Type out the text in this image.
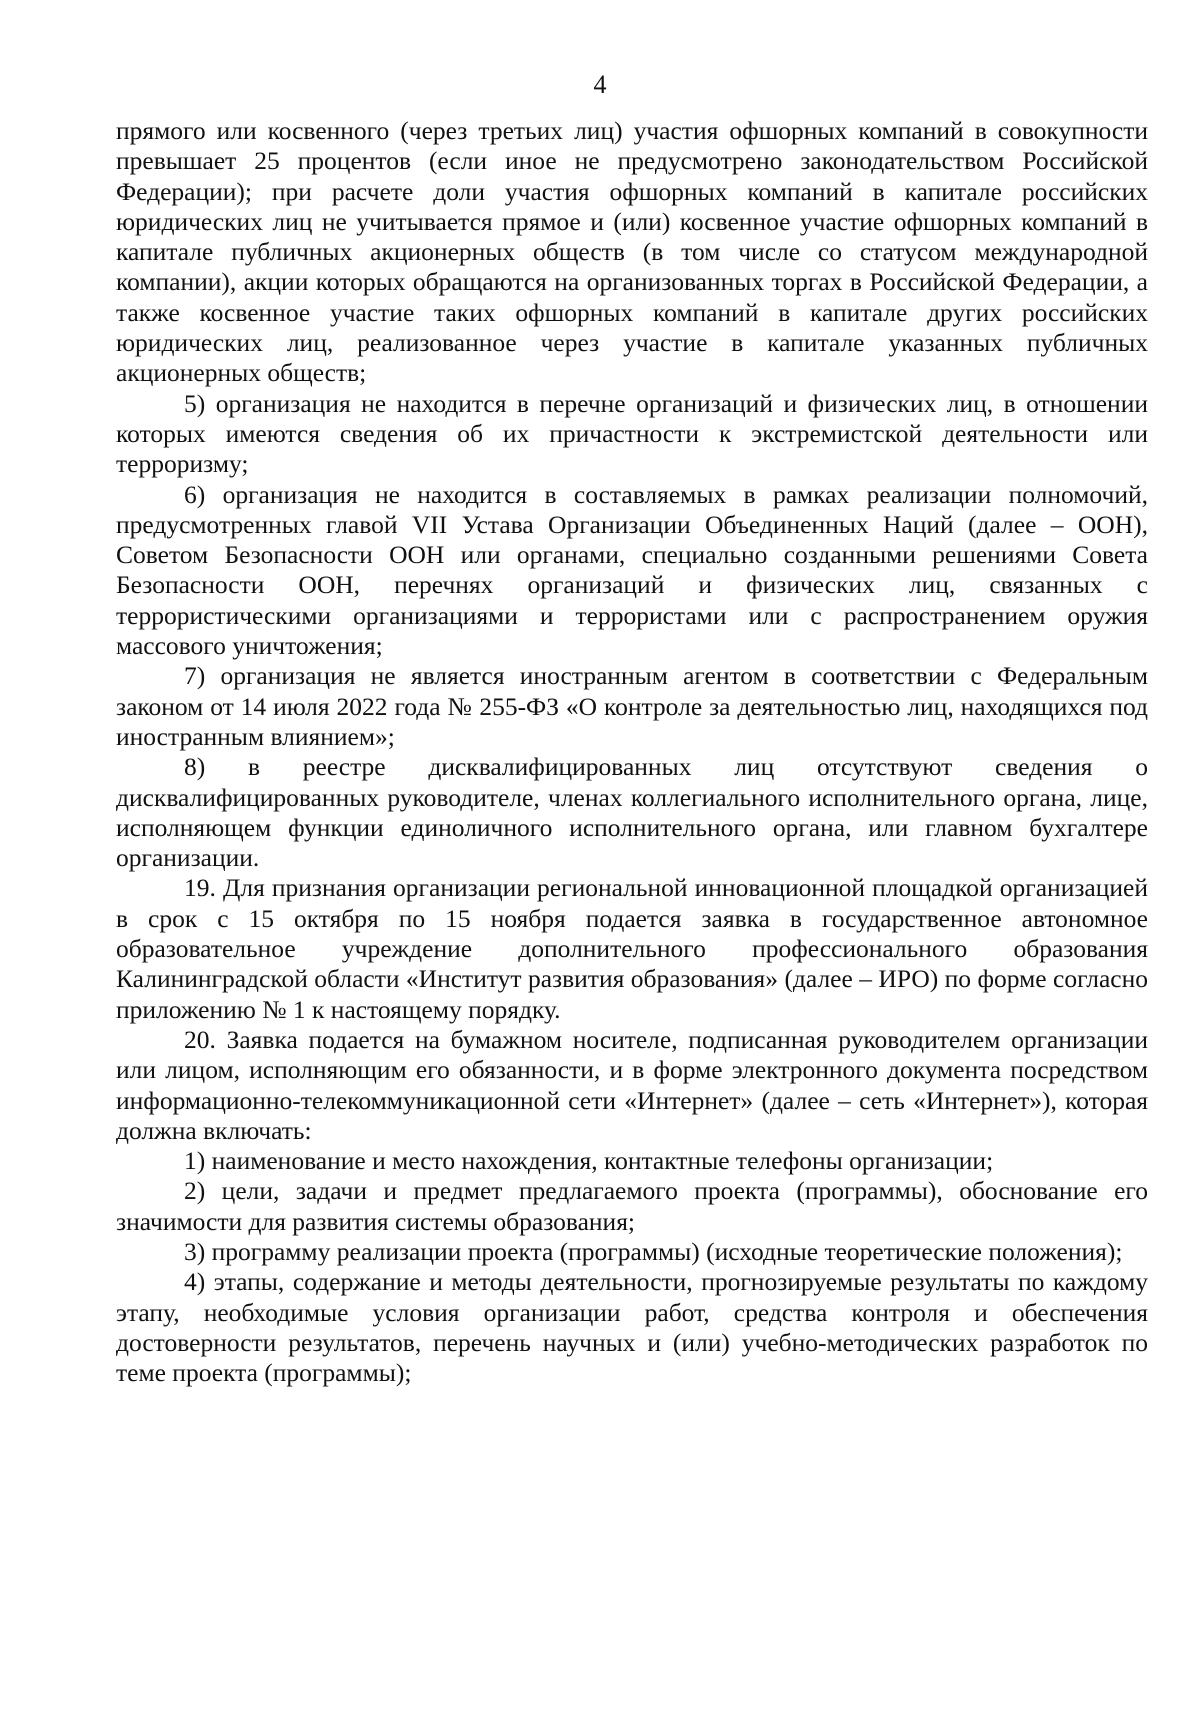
4

прямого или косвенного (через третьих лиц) участия офшорных компаний в совокупности превышает 25 процентов (если иное не предусмотрено законодательством Российской Федерации); при расчете доли участия офшорных компаний в капитале российских юридических лиц не учитывается прямое и (или) косвенное участие офшорных компаний в капитале публичных акционерных обществ (в том числе со статусом международной компании), акции которых обращаются на организованных торгах в Российской Федерации, а также косвенное участие таких офшорных компаний в капитале других российских юридических лиц, реализованное через участие в капитале указанных публичных акционерных обществ;

5) организация не находится в перечне организаций и физических лиц, в отношении которых имеются сведения об их причастности к экстремистской деятельности или терроризму;

6) организация не находится в составляемых в рамках реализации полномочий, предусмотренных главой VII Устава Организации Объединенных Наций (далее – ООН), Советом Безопасности ООН или органами, специально созданными решениями Совета Безопасности ООН, перечнях организаций и физических лиц, связанных с террористическими организациями и террористами или с распространением оружия массового уничтожения;

7) организация не является иностранным агентом в соответствии с Федеральным законом от 14 июля 2022 года № 255-ФЗ «О контроле за деятельностью лиц, находящихся под иностранным влиянием»;

8) в реестре дисквалифицированных лиц отсутствуют сведения о дисквалифицированных руководителе, членах коллегиального исполнительного органа, лице, исполняющем функции единоличного исполнительного органа, или главном бухгалтере организации.

19. Для признания организации региональной инновационной площадкой организацией в срок с 15 октября по 15 ноября подается заявка в государственное автономное образовательное учреждение дополнительного профессионального образования Калининградской области «Институт развития образования» (далее – ИРО) по форме согласно приложению № 1 к настоящему порядку.

20. Заявка подается на бумажном носителе, подписанная руководителем организации или лицом, исполняющим его обязанности, и в форме электронного документа посредством информационно-телекоммуникационной сети «Интернет» (далее – сеть «Интернет»), которая должна включать:

1) наименование и место нахождения, контактные телефоны организации;

2) цели, задачи и предмет предлагаемого проекта (программы), обоснование его значимости для развития системы образования;

3) программу реализации проекта (программы) (исходные теоретические положения);

4) этапы, содержание и методы деятельности, прогнозируемые результаты по каждому этапу, необходимые условия организации работ, средства контроля и обеспечения достоверности результатов, перечень научных и (или) учебно-методических разработок по теме проекта (программы);
